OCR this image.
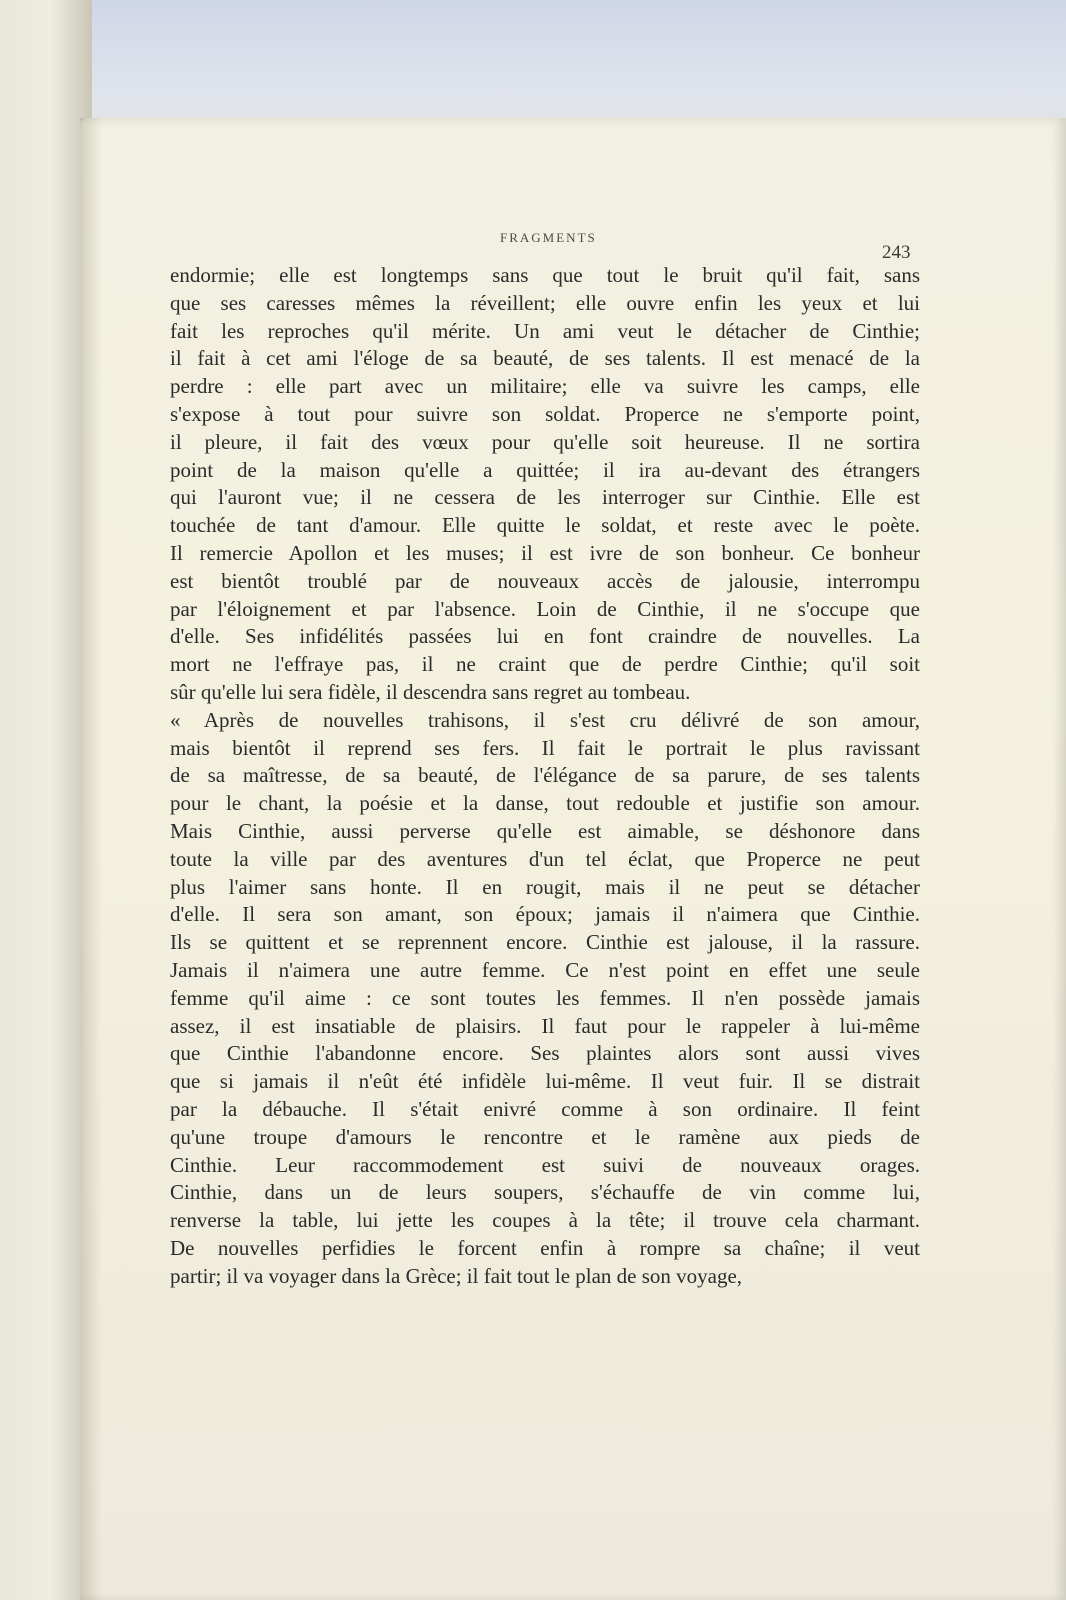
FRAGMENTS
243
endormie; elle est longtemps sans que tout le bruit qu'il fait, sans
que ses caresses mêmes la réveillent; elle ouvre enfin les yeux et lui
fait les reproches qu'il mérite. Un ami veut le détacher de Cinthie;
il fait à cet ami l'éloge de sa beauté, de ses talents. Il est menacé de la
perdre : elle part avec un militaire; elle va suivre les camps, elle
s'expose à tout pour suivre son soldat. Properce ne s'emporte point,
il pleure, il fait des vœux pour qu'elle soit heureuse. Il ne sortira
point de la maison qu'elle a quittée; il ira au-devant des étrangers
qui l'auront vue; il ne cessera de les interroger sur Cinthie. Elle est
touchée de tant d'amour. Elle quitte le soldat, et reste avec le poète.
Il remercie Apollon et les muses; il est ivre de son bonheur. Ce bonheur
est bientôt troublé par de nouveaux accès de jalousie, interrompu
par l'éloignement et par l'absence. Loin de Cinthie, il ne s'occupe que
d'elle. Ses infidélités passées lui en font craindre de nouvelles. La
mort ne l'effraye pas, il ne craint que de perdre Cinthie; qu'il soit
sûr qu'elle lui sera fidèle, il descendra sans regret au tombeau.
« Après de nouvelles trahisons, il s'est cru délivré de son amour,
mais bientôt il reprend ses fers. Il fait le portrait le plus ravissant
de sa maîtresse, de sa beauté, de l'élégance de sa parure, de ses talents
pour le chant, la poésie et la danse, tout redouble et justifie son amour.
Mais Cinthie, aussi perverse qu'elle est aimable, se déshonore dans
toute la ville par des aventures d'un tel éclat, que Properce ne peut
plus l'aimer sans honte. Il en rougit, mais il ne peut se détacher
d'elle. Il sera son amant, son époux; jamais il n'aimera que Cinthie.
Ils se quittent et se reprennent encore. Cinthie est jalouse, il la rassure.
Jamais il n'aimera une autre femme. Ce n'est point en effet une seule
femme qu'il aime : ce sont toutes les femmes. Il n'en possède jamais
assez, il est insatiable de plaisirs. Il faut pour le rappeler à lui-même
que Cinthie l'abandonne encore. Ses plaintes alors sont aussi vives
que si jamais il n'eût été infidèle lui-même. Il veut fuir. Il se distrait
par la débauche. Il s'était enivré comme à son ordinaire. Il feint
qu'une troupe d'amours le rencontre et le ramène aux pieds de
Cinthie. Leur raccommodement est suivi de nouveaux orages.
Cinthie, dans un de leurs soupers, s'échauffe de vin comme lui,
renverse la table, lui jette les coupes à la tête; il trouve cela charmant.
De nouvelles perfidies le forcent enfin à rompre sa chaîne; il veut
partir; il va voyager dans la Grèce; il fait tout le plan de son voyage,
